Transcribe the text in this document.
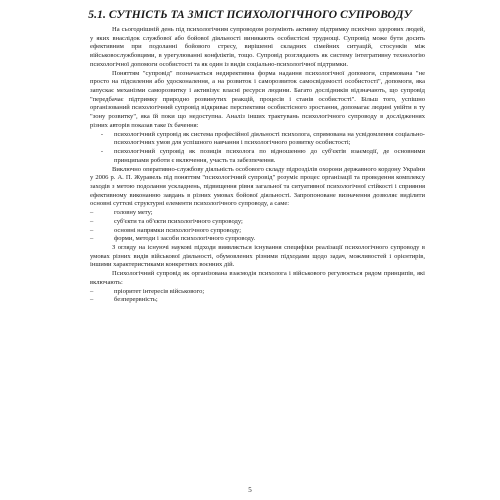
5.1. СУТНІСТЬ ТА ЗМІСТ ПСИХОЛОГІЧНОГО СУПРОВОДУ

На сьогоднішній день під психологічним супроводом розуміють активну підтримку психічно здорових людей, у яких внаслідок службової або бойової діяльності виникають особистісні труднощі. Супровід може бути досить ефективним при подоланні бойового стресу, вирішенні складних сімейних ситуацій, стосунків між військовослужбовцями, в урегулюванні конфліктів, тощо. Супровід розглядають як систему інтегративну технологію психологічної допомоги особистості та як один із видів соціально-психологічної підтримки.

Поняттям "супровід" позначається недирективна форма надання психологічної допомоги, спрямована "не просто на підсилення або удосконалення, а на розвиток і саморозвиток самосвідомості особистості", допомоги, яка запускає механізми саморозвитку і активізує власні ресурси людини. Багато дослідників відзначають, що супровід "передбачає підтримку природно розвинутих реакцій, процесів і станів особистості". Більш того, успішно організований психологічний супровід відкриває перспективи особистісного зростання, допомагає людині увійти в ту "зону розвитку", яка їй поки що недоступна. Аналіз інших трактувань психологічного супроводу в дослідженнях різних авторів показав таке їх бачення:

-	психологічний супровід як система професійної діяльності психолога, спрямована на усвідомлення соціально-психологічних умов для успішного навчання і психологічного розвитку особистості;
-	психологічний супровід як позиція психолога по відношенню до суб'єктів взаємодії, де основними принципами роботи є включення, участь та забезпечення.

Виключно оперативно-службову діяльність особового складу підрозділів охорони державного кордону України у 2006 р. А. П. Журавель під поняттям "психологічний супровід" розуміє процес організації та проведення комплексу заходів з метою подолання ускладнень, підвищення рівня загальної та ситуативної психологічної стійкості і сприяння ефективному виконанню завдань в різних умовах бойової діяльності. Запропоноване визначення дозволяє виділити основні суттєві структурні елементи психологічного супроводу, а саме:

–	головну мету;
–	суб'єкти та об'єкти психологічного супроводу;
–	основні напрямки психологічного супроводу;
–	форми, методи і засоби психологічного супроводу.

З огляду на існуючі наукові підходи виявляється існування специфіки реалізації психологічного супроводу в умовах різних видів військової діяльності, обумовлених різними підходами щодо задач, можливостей і орієнтирів, іншими характеристиками конкретних воєнних дій.

Психологічний супровід як організована взаємодія психолога і військового регулюється рядом принципів, які включають:

–	пріоритет інтересів військового;
–	безперервність;
5
